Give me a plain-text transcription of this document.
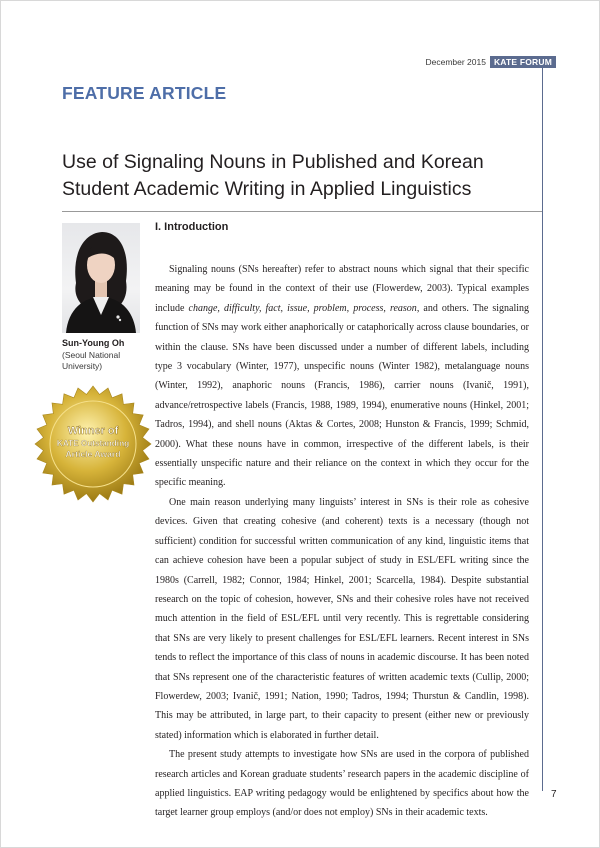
December 2015 KATE FORUM
FEATURE ARTICLE
Use of Signaling Nouns in Published and Korean
Student Academic Writing in Applied Linguistics
Sun-Young Oh
(Seoul National University)
Winner of
KATE Outstanding
Article Award
I. Introduction

Signaling nouns (SNs hereafter) refer to abstract nouns which signal that their specific meaning may be found in the context of their use (Flowerdew, 2003). Typical examples include change, difficulty, fact, issue, problem, process, reason, and others. The signaling function of SNs may work either anaphorically or cataphorically across clause boundaries, or within the clause. SNs have been discussed under a number of different labels, including type 3 vocabulary (Winter, 1977), unspecific nouns (Winter 1982), metalanguage nouns (Winter, 1992), anaphoric nouns (Francis, 1986), carrier nouns (Ivanič, 1991), advance/retrospective labels (Francis, 1988, 1989, 1994), enumerative nouns (Hinkel, 2001; Tadros, 1994), and shell nouns (Aktas & Cortes, 2008; Hunston & Francis, 1999; Schmid, 2000). What these nouns have in common, irrespective of the different labels, is their essentially unspecific nature and their reliance on the context in which they occur for the specific meaning.

One main reason underlying many linguists’ interest in SNs is their role as cohesive devices. Given that creating cohesive (and coherent) texts is a necessary (though not sufficient) condition for successful written communication of any kind, linguistic items that can achieve cohesion have been a popular subject of study in ESL/EFL writing since the 1980s (Carrell, 1982; Connor, 1984; Hinkel, 2001; Scarcella, 1984). Despite substantial research on the topic of cohesion, however, SNs and their cohesive roles have not received much attention in the field of ESL/EFL until very recently. This is regrettable considering that SNs are very likely to present challenges for ESL/EFL learners. Recent interest in SNs tends to reflect the importance of this class of nouns in academic discourse. It has been noted that SNs represent one of the characteristic features of written academic texts (Cullip, 2000; Flowerdew, 2003; Ivanič, 1991; Nation, 1990; Tadros, 1994; Thurstun & Candlin, 1998). This may be attributed, in large part, to their capacity to present (either new or previously stated) information which is elaborated in further detail.

The present study attempts to investigate how SNs are used in the corpora of published research articles and Korean graduate students’ research papers in the academic discipline of applied linguistics. EAP writing pedagogy would be enlightened by specifics about how the target learner group employs (and/or does not employ) SNs in their academic texts.

7
